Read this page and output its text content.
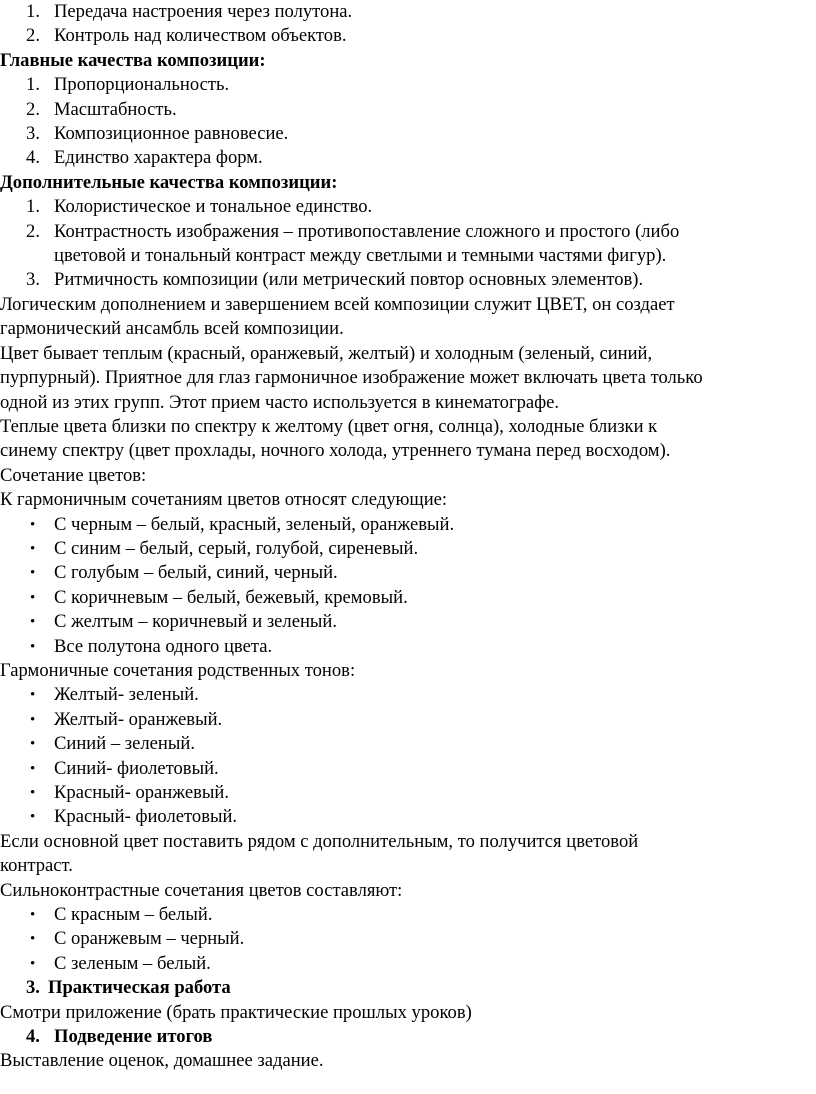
1. Передача настроения через полутона.
2. Контроль над количеством объектов.
Главные качества композиции:
1. Пропорциональность.
2. Масштабность.
3. Композиционное равновесие.
4. Единство характера форм.
Дополнительные качества композиции:
1. Колористическое и тональное единство.
2. Контрастность изображения – противопоставление сложного и простого (либо
цветовой и тональный контраст между светлыми и темными частями фигур).
3. Ритмичность композиции (или метрический повтор основных элементов).
Логическим дополнением и завершением всей композиции служит ЦВЕТ, он создает
гармонический ансамбль всей композиции.
Цвет бывает теплым (красный, оранжевый, желтый) и холодным (зеленый, синий,
пурпурный). Приятное для глаз гармоничное изображение может включать цвета только
одной из этих групп. Этот прием часто используется в кинематографе.
Теплые цвета близки по спектру к желтому (цвет огня, солнца), холодные близки к
синему спектру (цвет прохлады, ночного холода, утреннего тумана перед восходом).
Сочетание цветов:
К гармоничным сочетаниям цветов относят следующие:
• С черным – белый, красный, зеленый, оранжевый.
• С синим – белый, серый, голубой, сиреневый.
• С голубым – белый, синий, черный.
• С коричневым – белый, бежевый, кремовый.
• С желтым – коричневый и зеленый.
• Все полутона одного цвета.
Гармоничные сочетания родственных тонов:
• Желтый- зеленый.
• Желтый- оранжевый.
• Синий – зеленый.
• Синий- фиолетовый.
• Красный- оранжевый.
• Красный- фиолетовый.
Если основной цвет поставить рядом с дополнительным, то получится цветовой
контраст.
Сильноконтрастные сочетания цветов составляют:
• С красным – белый.
• С оранжевым – черный.
• С зеленым – белый.
3. Практическая работа
Смотри приложение (брать практические прошлых уроков)
4. Подведение итогов
Выставление оценок, домашнее задание.
